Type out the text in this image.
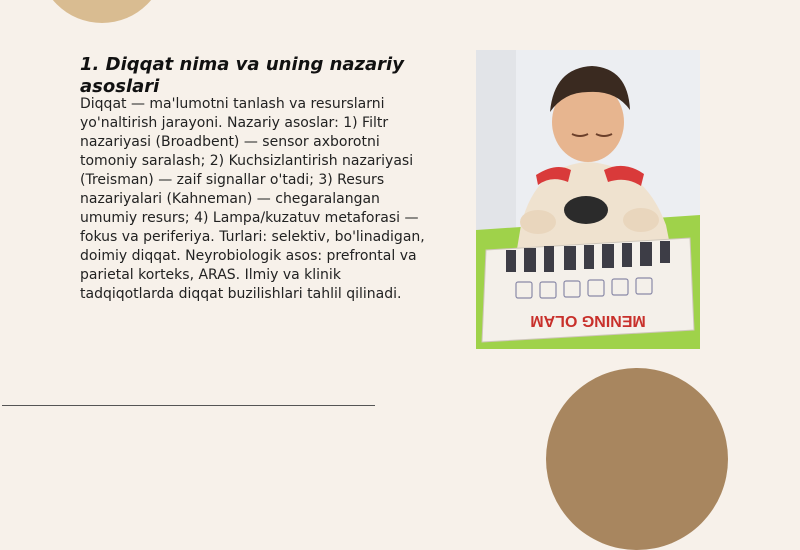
1. Diqqat nima va uning nazariy asoslari

Diqqat — ma'lumotni tanlash va resurslarni yo'naltirish jarayoni. Nazariy asoslar: 1) Filtr nazariyasi (Broadbent) — sensor axborotni tomoniy saralash; 2) Kuchsizlantirish nazariyasi (Treisman) — zaif signallar o'tadi; 3) Resurs nazariyalari (Kahneman) — chegaralangan umumiy resurs; 4) Lampa/kuzatuv metaforasi — fokus va periferiya. Turlari: selektiv, bo'linadigan, doimiy diqqat. Neyrobiologik asos: prefrontal va parietal korteks, ARAS. Ilmiy va klinik tadqiqotlarda diqqat buzilishlari tahlil qilinadi.

MENING OLAM
